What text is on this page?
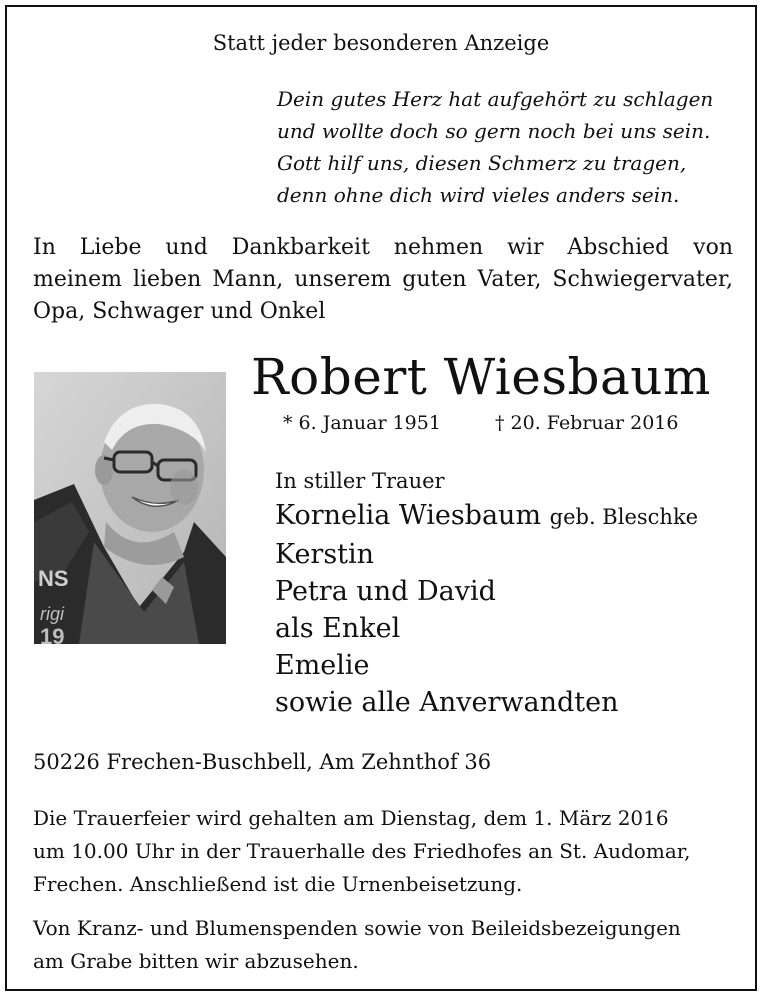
Statt jeder besonderen Anzeige
Dein gutes Herz hat aufgehört zu schlagen
und wollte doch so gern noch bei uns sein.
Gott hilf uns, diesen Schmerz zu tragen,
denn ohne dich wird vieles anders sein.
In Liebe und Dankbarkeit nehmen wir Abschied von
meinem lieben Mann, unserem guten Vater, Schwiegervater,
Opa, Schwager und Onkel
NS
rigi
19
Robert Wiesbaum
* 6. Januar 1951	† 20. Februar 2016
In stiller Trauer
Kornelia Wiesbaum geb. Bleschke
Kerstin
Petra und David
als Enkel
Emelie
sowie alle Anverwandten
50226 Frechen-Buschbell, Am Zehnthof 36
Die Trauerfeier wird gehalten am Dienstag, dem 1. März 2016
um 10.00 Uhr in der Trauerhalle des Friedhofes an St. Audomar,
Frechen. Anschließend ist die Urnenbeisetzung.
Von Kranz- und Blumenspenden sowie von Beileidsbezeigungen
am Grabe bitten wir abzusehen.
